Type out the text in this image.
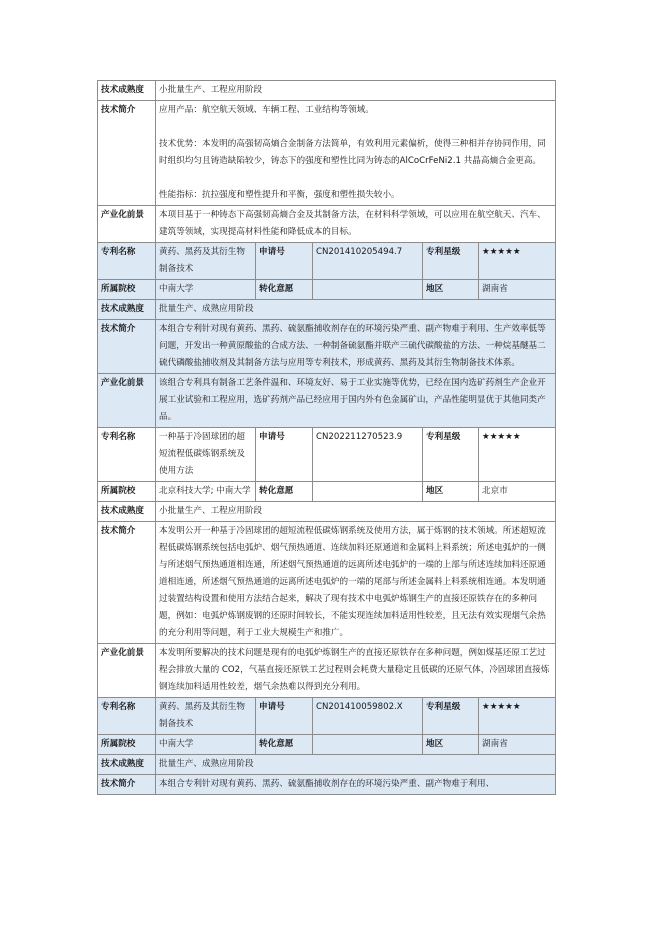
技术成熟度	小批量生产、工程应用阶段				
技术简介	应用产品：航空航天领域、车辆工程、工业结构等领域。
技术优势：本发明的高强韧高熵合金制备方法简单，有效利用元素偏析，使得三种相并存协同作用，同时组织均匀且铸造缺陷较少，铸态下的强度和塑性比同为铸态的AlCoCrFeNi2.1 共晶高熵合金更高。
性能指标：抗拉强度和塑性提升和平衡，强度和塑性损失较小。				

产业化前景	本项目基于一种铸态下高强韧高熵合金及其制备方法，在材料科学领域，可以应用在航空航天、汽车、建筑等领域，实现提高材料性能和降低成本的目标。				
专利名称	黄药、黑药及其衍生物制备技术	申请号	CN201410205494.7	专利星级	★★★★★
所属院校	中南大学	转化意愿		地区	湖南省
技术成熟度	批量生产、成熟应用阶段				
技术简介	本组合专利针对现有黄药、黑药、硫氨酯捕收剂存在的环境污染严重、副产物难于利用、生产效率低等问题，开发出一种黄原酸盐的合成方法、一种制备硫氨酯并联产三硫代碳酸盐的方法、一种烷基醚基二硫代磷酸盐捕收剂及其制备方法与应用等专利技术，形成黄药、黑药及其衍生物制备技术体系。				
产业化前景	该组合专利具有制备工艺条件温和、环境友好、易于工业实施等优势，已经在国内选矿药剂生产企业开展工业试验和工程应用，选矿药剂产品已经应用于国内外有色金属矿山，产品性能明显优于其他同类产品。				
专利名称	一种基于冷固球团的超短流程低碳炼钢系统及使用方法	申请号	CN202211270523.9	专利星级	★★★★★
所属院校	北京科技大学; 中南大学	转化意愿		地区	北京市
技术成熟度	小批量生产、工程应用阶段				
技术简介	本发明公开一种基于冷固球团的超短流程低碳炼钢系统及使用方法，属于炼钢的技术领域。所述超短流程低碳炼钢系统包括电弧炉、烟气预热通道、连续加料还原通道和金属料上料系统；所述电弧炉的一侧与所述烟气预热通道相连通，所述烟气预热通道的远离所述电弧炉的一端的上部与所述连续加料还原通道相连通，所述烟气预热通道的远离所述电弧炉的一端的尾部与所述金属料上料系统相连通。本发明通过装置结构设置和使用方法结合起来，解决了现有技术中电弧炉炼钢生产的直接还原铁存在的多种问题，例如：电弧炉炼钢废钢的还原时间较长，不能实现连续加料适用性较差，且无法有效实现烟气余热的充分利用等问题，利于工业大规模生产和推广。				
产业化前景	本发明所要解决的技术问题是现有的电弧炉炼钢生产的直接还原铁存在多种问题，例如煤基还原工艺过程会排放大量的 CO2，气基直接还原铁工艺过程则会耗费大量稳定且低碳的还原气体，冷固球团直接炼钢连续加料适用性较差，烟气余热难以得到充分利用。				
专利名称	黄药、黑药及其衍生物制备技术	申请号	CN201410059802.X	专利星级	★★★★★
所属院校	中南大学	转化意愿		地区	湖南省
技术成熟度	批量生产、成熟应用阶段				
技术简介	本组合专利针对现有黄药、黑药、硫氨酯捕收剂存在的环境污染严重、副产物难于利用、				
